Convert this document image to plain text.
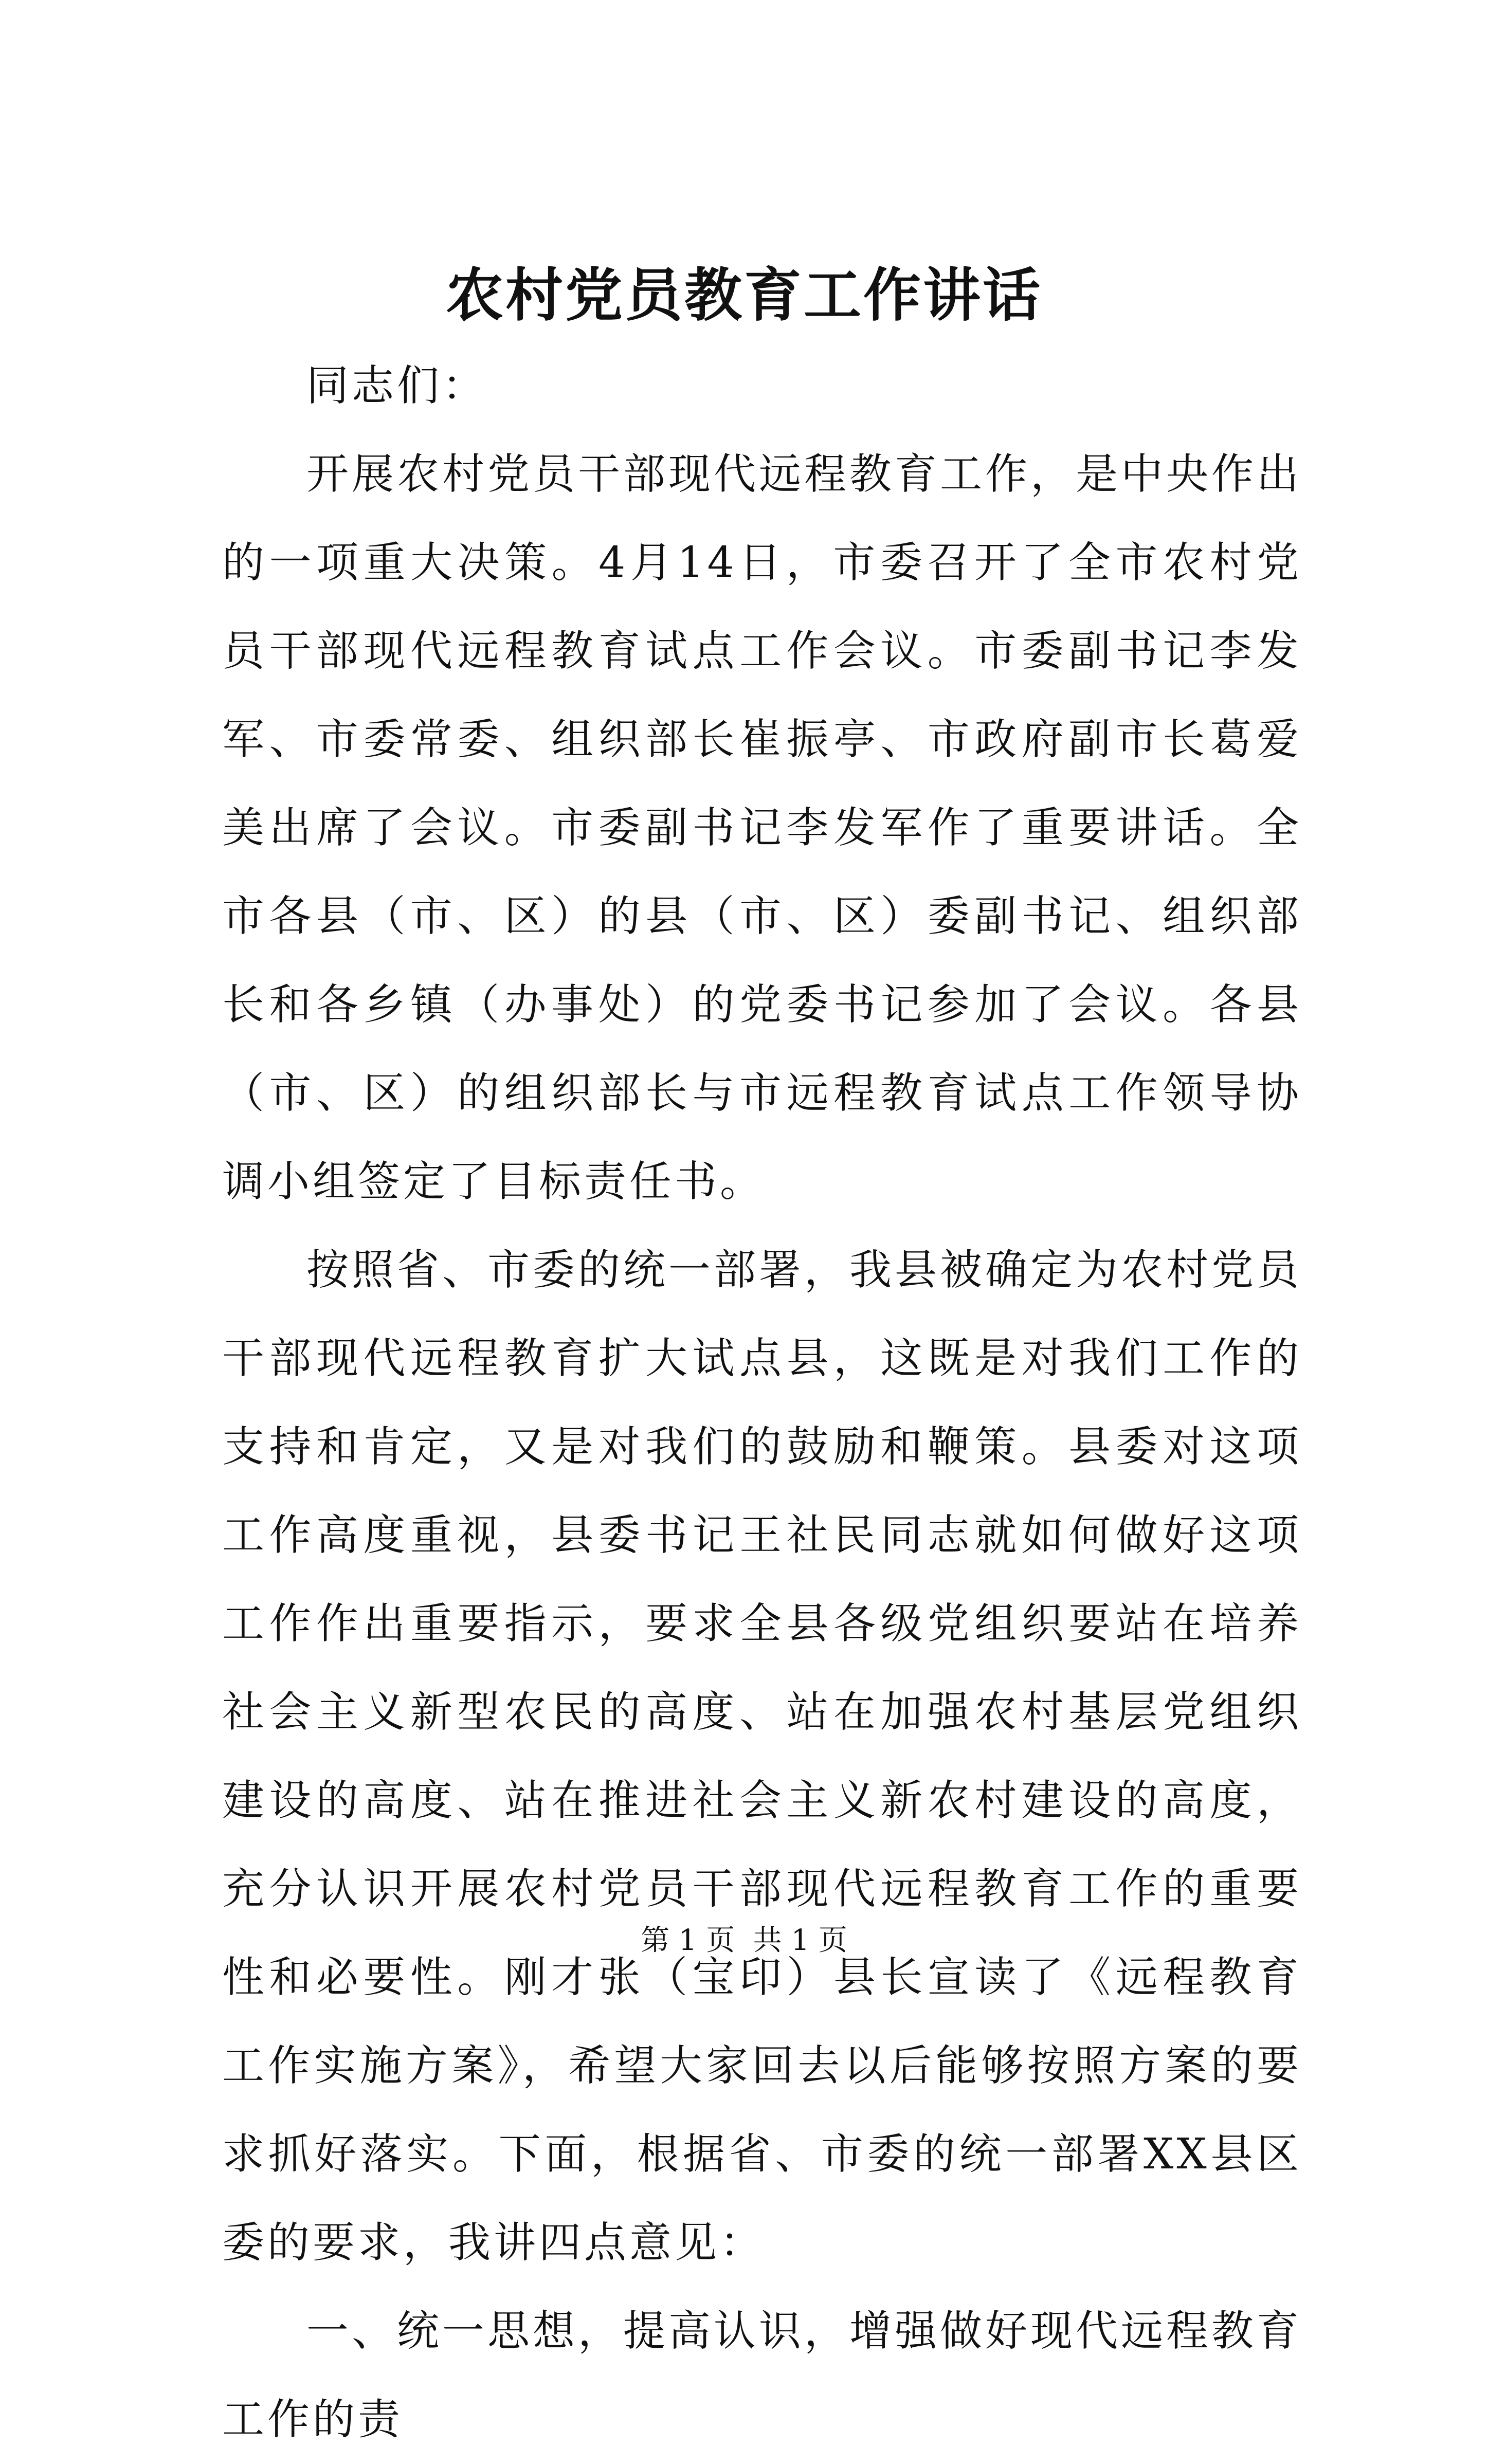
农村党员教育工作讲话

同志们：

开展农村党员干部现代远程教育工作，是中央作出的一项重大决策。4月14日，市委召开了全市农村党员干部现代远程教育试点工作会议。市委副书记李发军、市委常委、组织部长崔振亭、市政府副市长葛爱美出席了会议。市委副书记李发军作了重要讲话。全市各县（市、区）的县（市、区）委副书记、组织部长和各乡镇（办事处）的党委书记参加了会议。各县（市、区）的组织部长与市远程教育试点工作领导协调小组签定了目标责任书。

按照省、市委的统一部署，我县被确定为农村党员干部现代远程教育扩大试点县，这既是对我们工作的支持和肯定，又是对我们的鼓励和鞭策。县委对这项工作高度重视，县委书记王社民同志就如何做好这项工作作出重要指示，要求全县各级党组织要站在培养社会主义新型农民的高度、站在加强农村基层党组织建设的高度、站在推进社会主义新农村建设的高度，充分认识开展农村党员干部现代远程教育工作的重要性和必要性。刚才张（宝印）县长宣读了《远程教育工作实施方案》，希望大家回去以后能够按照方案的要求抓好落实。下面，根据省、市委的统一部署XX县区委的要求，我讲四点意见：

一、统一思想，提高认识，增强做好现代远程教育工作的责

第 1 页  共 1 页
